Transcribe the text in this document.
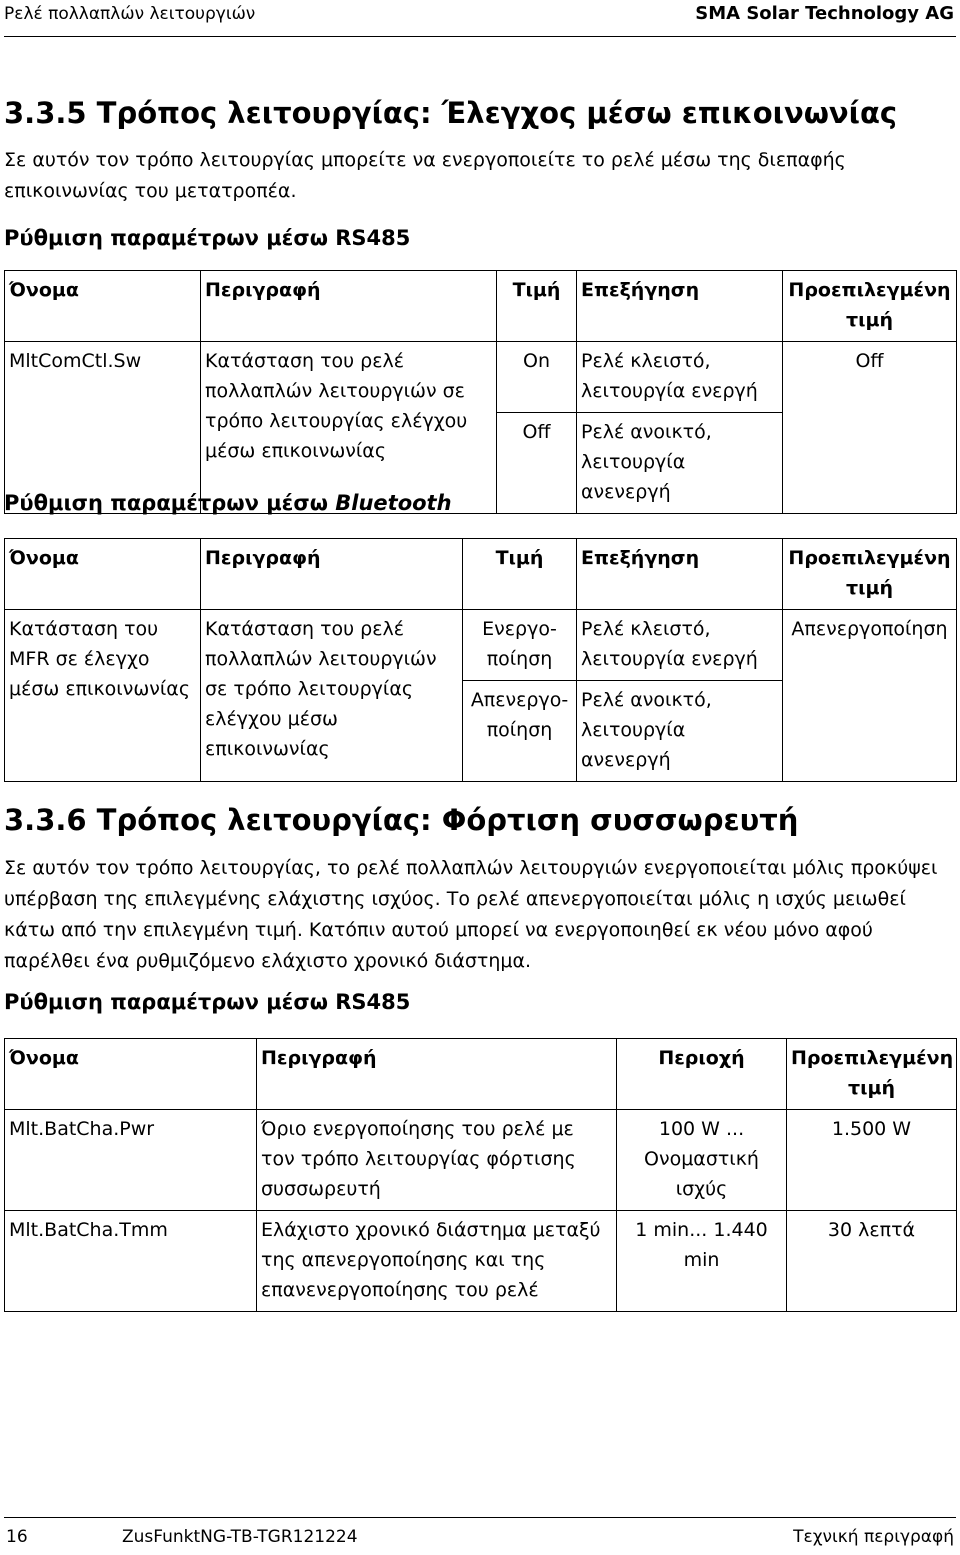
Ρελέ πολλαπλών λειτουργιών	SMA Solar Technology AG
3.3.5 Τρόπος λειτουργίας: Έλεγχος μέσω επικοινωνίας
Σε αυτόν τον τρόπο λειτουργίας μπορείτε να ενεργοποιείτε το ρελέ μέσω της διεπαφής επικοινωνίας του μετατροπέα.
Ρύθμιση παραμέτρων μέσω RS485
Όνομα	Περιγραφή	Τιμή	Επεξήγηση	Προεπιλεγμένη τιμή
MltComCtl.Sw	Κατάσταση του ρελέ πολλαπλών λειτουργιών σε τρόπο λειτουργίας ελέγχου μέσω επικοινωνίας	On	Ρελέ κλειστό, λειτουργία ενεργή	Off
		Off	Ρελέ ανοικτό, λειτουργία ανενεργή	
Ρύθμιση παραμέτρων μέσω Bluetooth
Όνομα	Περιγραφή	Τιμή	Επεξήγηση	Προεπιλεγμένη τιμή
Κατάσταση του MFR σε έλεγχο μέσω επικοινωνίας	Κατάσταση του ρελέ πολλαπλών λειτουργιών σε τρόπο λειτουργίας ελέγχου μέσω επικοινωνίας	Ενεργο-ποίηση	Ρελέ κλειστό, λειτουργία ενεργή	Απενεργοποίηση
		Απενεργο-ποίηση	Ρελέ ανοικτό, λειτουργία ανενεργή	
3.3.6 Τρόπος λειτουργίας: Φόρτιση συσσωρευτή
Σε αυτόν τον τρόπο λειτουργίας, το ρελέ πολλαπλών λειτουργιών ενεργοποιείται μόλις προκύψει υπέρβαση της επιλεγμένης ελάχιστης ισχύος. Το ρελέ απενεργοποιείται μόλις η ισχύς μειωθεί κάτω από την επιλεγμένη τιμή. Κατόπιν αυτού μπορεί να ενεργοποιηθεί εκ νέου μόνο αφού παρέλθει ένα ρυθμιζόμενο ελάχιστο χρονικό διάστημα.
Ρύθμιση παραμέτρων μέσω RS485
Όνομα	Περιγραφή	Περιοχή	Προεπιλεγμένη τιμή
Mlt.BatCha.Pwr	Όριο ενεργοποίησης του ρελέ με τον τρόπο λειτουργίας φόρτισης συσσωρευτή	100 W ... Ονομαστική ισχύς	1.500 W
Mlt.BatCha.Tmm	Ελάχιστο χρονικό διάστημα μεταξύ της απενεργοποίησης και της επανενεργοποίησης του ρελέ	1 min... 1.440 min	30 λεπτά
16	ZusFunktNG-TB-TGR121224	Τεχνική περιγραφή
